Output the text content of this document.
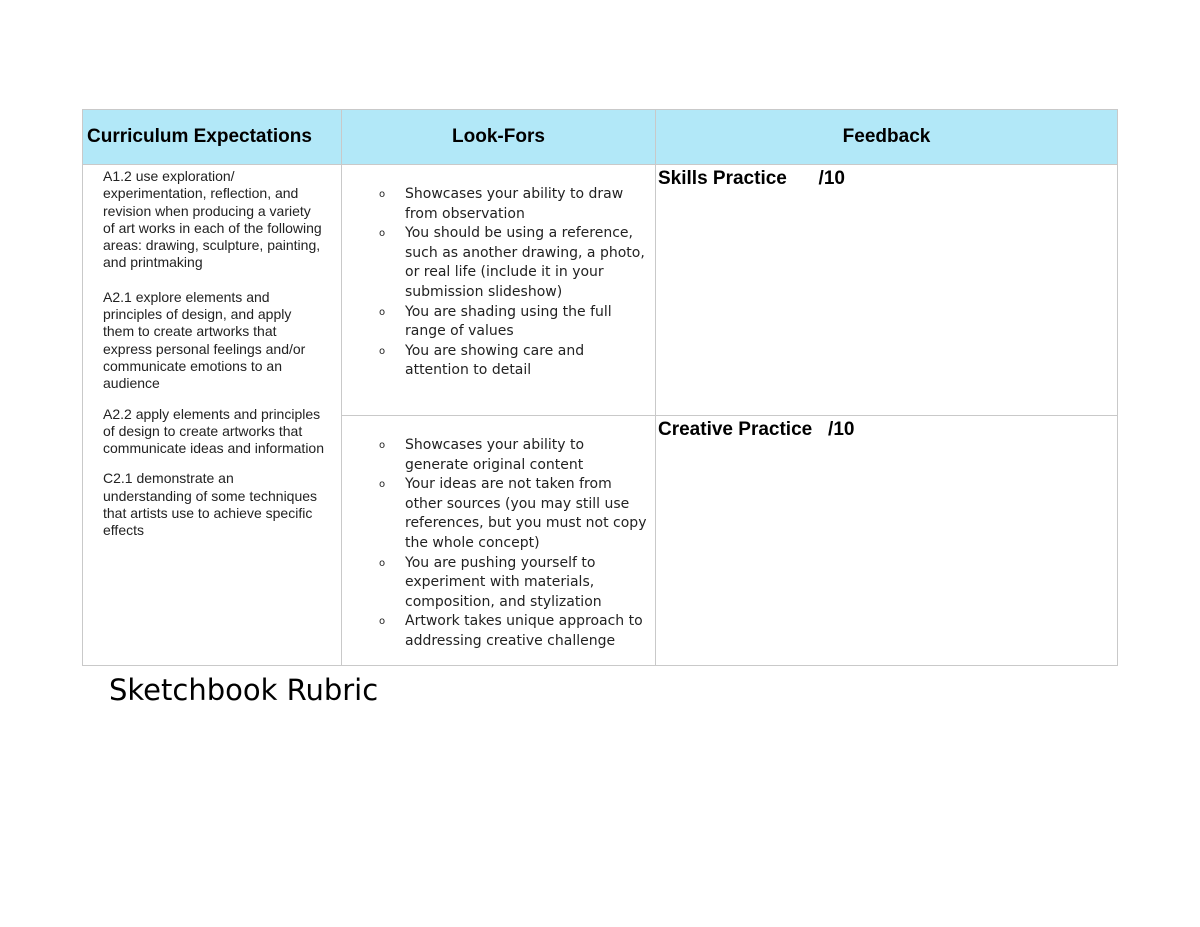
Curriculum Expectations	Look-Fors	Feedback

A1.2 use exploration/ experimentation, reflection, and revision when producing a variety of art works in each of the following areas: drawing, sculpture, painting, and printmaking

A2.1 explore elements and principles of design, and apply them to create artworks that express personal feelings and/or communicate emotions to an audience

A2.2 apply elements and principles of design to create artworks that communicate ideas and information

C2.1 demonstrate an understanding of some techniques that artists use to achieve specific effects

o Showcases your ability to draw from observation
o You should be using a reference, such as another drawing, a photo, or real life (include it in your submission slideshow)
o You are shading using the full range of values
o You are showing care and attention to detail
Skills Practice      /10
o Showcases your ability to generate original content
o Your ideas are not taken from other sources (you may still use references, but you must not copy the whole concept)
o You are pushing yourself to experiment with materials, composition, and stylization
o Artwork takes unique approach to addressing creative challenge
Creative Practice   /10
Sketchbook Rubric
